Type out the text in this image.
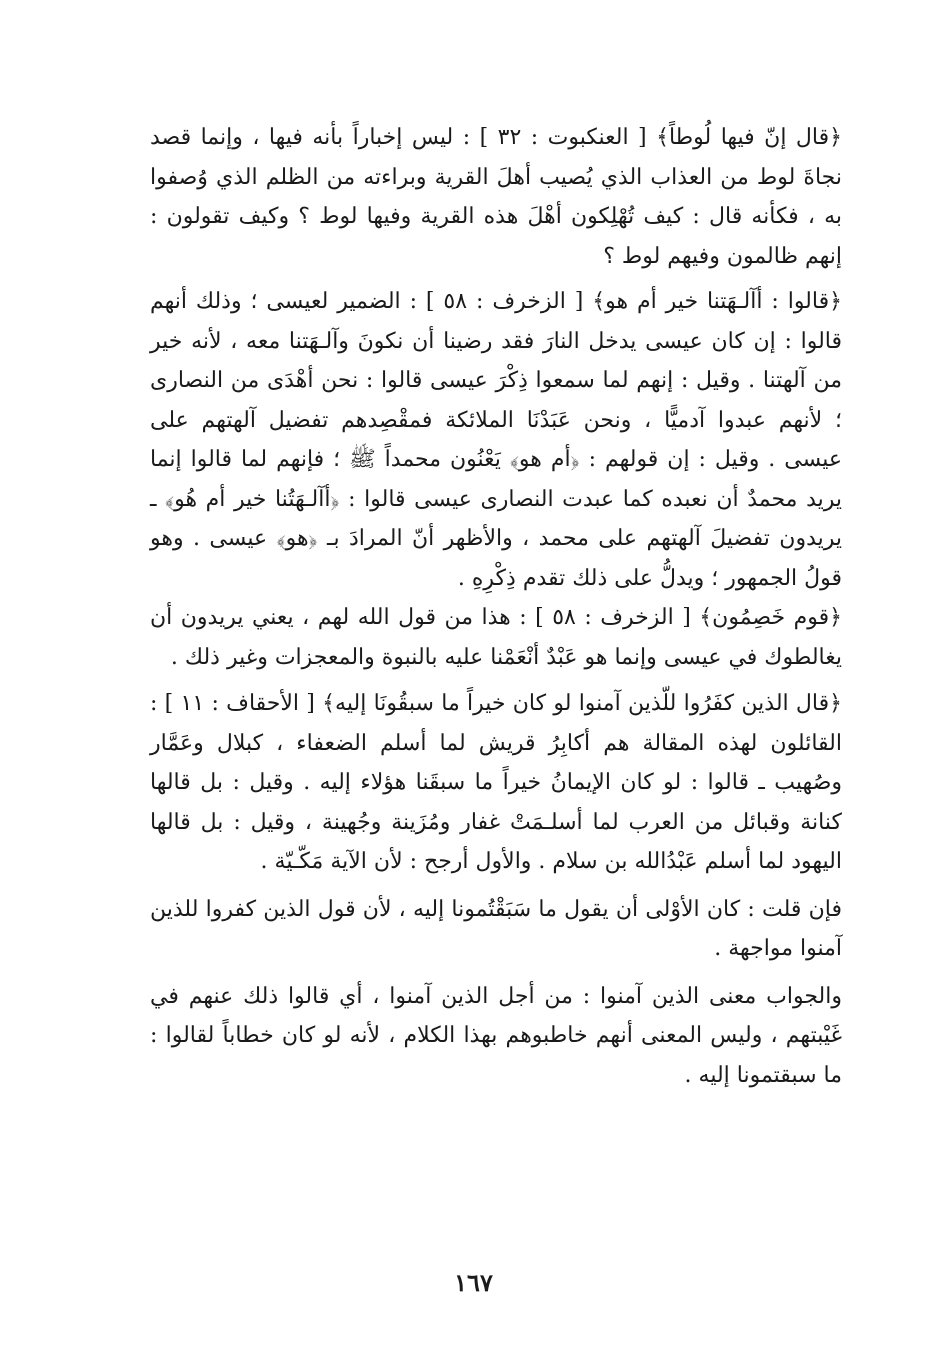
﴿قال إنّ فيها لُوطاً﴾ [ العنكبوت : ٣٢ ] : ليس إخباراً بأنه فيها ، وإنما قصد نجاةَ لوط من العذاب الذي يُصيب أهلَ القرية وبراءته من الظلم الذي وُصفوا به ، فكأنه قال : كيف تُهْلِكون أهْلَ هذه القرية وفيها لوط ؟ وكيف تقولون : إنهم ظالمون وفيهم لوط ؟

﴿قالوا : أآلـهَتنا خير أم هو﴾ [ الزخرف : ٥٨ ] : الضمير لعيسى ؛ وذلك أنهم قالوا : إن كان عيسى يدخل النارَ فقد رضينا أن نكونَ وآلـهَتنا معه ، لأنه خير من آلهتنا . وقيل : إنهم لما سمعوا ذِكْرَ عيسى قالوا : نحن أهْدَى من النصارى ؛ لأنهم عبدوا آدميًّا ، ونحن عَبَدْنَا الملائكة فمقْصِدهم تفضيل آلهتهم على عيسى . وقيل : إن قولهم : ﴿أم هو﴾ يَعْنُون محمداً ﷺ ؛ فإنهم لما قالوا إنما يريد محمدٌ أن نعبده كما عبدت النصارى عيسى قالوا : ﴿أآلـهَتُنا خير أم هُو﴾ ـ يريدون تفضيلَ آلهتهم على محمد ، والأظهر أنّ المرادَ بـ ﴿هو﴾ عيسى . وهو قولُ الجمهور ؛ ويدلُّ على ذلك تقدم ذِكْرِهِ .

﴿قوم خَصِمُون﴾ [ الزخرف : ٥٨ ] : هذا من قول الله لهم ، يعني يريدون أن يغالطوك في عيسى وإنما هو عَبْدٌ أنْعَمْنا عليه بالنبوة والمعجزات وغير ذلك .

﴿قال الذين كفَرُوا للّذين آمنوا لو كان خيراً ما سبقُونَا إليه﴾ [ الأحقاف : ١١ ] : القائلون لهذه المقالة هم أكابِرُ قريش لما أسلم الضعفاء ، كبلال وعَمَّار وصُهيب ـ قالوا : لو كان الإيمانُ خيراً ما سبقَنا هؤلاء إليه . وقيل : بل قالها كنانة وقبائل من العرب لما أسلـمَتْ غفار ومُزَينة وجُهينة ، وقيل : بل قالها اليهود لما أسلم عَبْدُالله بن سلام . والأول أرجح : لأن الآية مَكّـيّة .

فإن قلت : كان الأوْلى أن يقول ما سَبَقْتُمونا إليه ، لأن قول الذين كفروا للذين آمنوا مواجهة .

والجواب معنى الذين آمنوا : من أجل الذين آمنوا ، أي قالوا ذلك عنهم في غَيْبتهم ، وليس المعنى أنهم خاطبوهم بهذا الكلام ، لأنه لو كان خطاباً لقالوا : ما سبقتمونا إليه .

١٦٧
